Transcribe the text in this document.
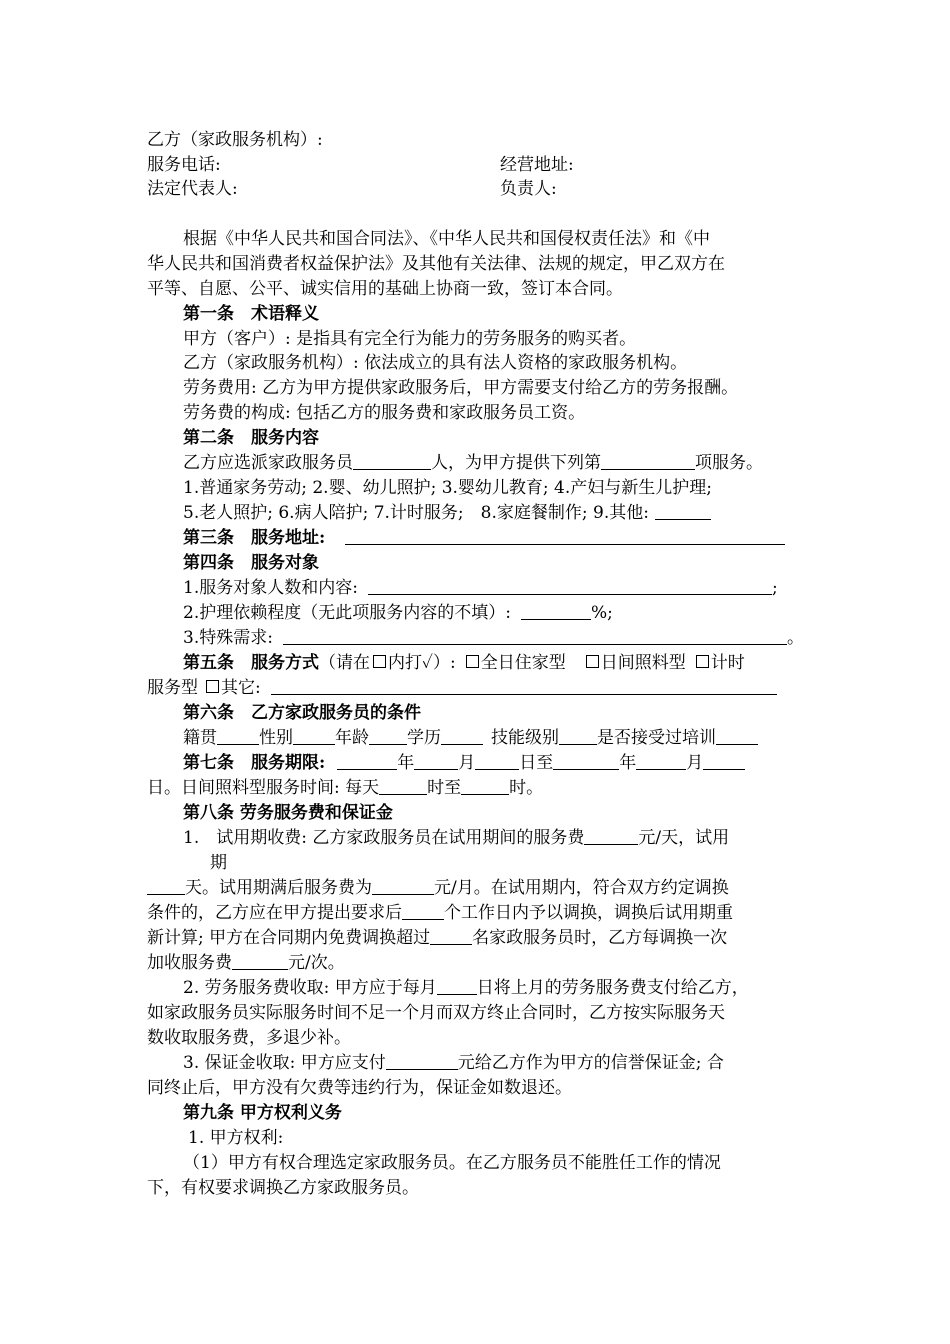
乙方（家政服务机构）:
服务电话:	经营地址:
法定代表人:	负责人:
根据《中华人民共和国合同法》、《中华人民共和国侵权责任法》和《中
华人民共和国消费者权益保护法》及其他有关法律、法规的规定，甲乙双方在
平等、自愿、公平、诚实信用的基础上协商一致，签订本合同。
第一条　术语释义
甲方（客户）: 是指具有完全行为能力的劳务服务的购买者。
乙方（家政服务机构）: 依法成立的具有法人资格的家政服务机构。
劳务费用: 乙方为甲方提供家政服务后，甲方需要支付给乙方的劳务报酬。
劳务费的构成: 包括乙方的服务费和家政服务员工资。
第二条　服务内容
乙方应选派家政服务员	人，为甲方提供下列第	项服务。
1.普通家务劳动; 2.婴、幼儿照护; 3.婴幼儿教育; 4.产妇与新生儿护理;
5.老人照护; 6.病人陪护; 7.计时服务;　8.家庭餐制作; 9.其他:
第三条　服务地址:
第四条　服务对象
1.服务对象人数和内容:	;
2.护理依赖程度（无此项服务内容的不填）:	%;
3.特殊需求:	。
第五条　服务方式（请在 内打✓）: 全日住家型 日间照料型 计时
服务型 其它:
第六条　乙方家政服务员的条件
籍贯 性别 年龄 学历	技能级别 是否接受过培训
第七条　服务期限:	年	月	日至	年	月
日。日间照料型服务时间: 每天	时至	时。
第八条 劳务服务费和保证金
1.　试用期收费: 乙方家政服务员在试用期间的服务费	元/天，试用
期
天。试用期满后服务费为	元/月。在试用期内，符合双方约定调换
条件的，乙方应在甲方提出要求后 个工作日内予以调换，调换后试用期重
新计算; 甲方在合同期内免费调换超过 名家政服务员时，乙方每调换一次
加收服务费	元/次。
2. 劳务服务费收取: 甲方应于每月 日将上月的劳务服务费支付给乙方，
如家政服务员实际服务时间不足一个月而双方终止合同时，乙方按实际服务天
数收取服务费，多退少补。
3. 保证金收取: 甲方应支付	元给乙方作为甲方的信誉保证金; 合
同终止后，甲方没有欠费等违约行为，保证金如数退还。
第九条 甲方权利义务
1. 甲方权利:
（1）甲方有权合理选定家政服务员。在乙方服务员不能胜任工作的情况
下，有权要求调换乙方家政服务员。
